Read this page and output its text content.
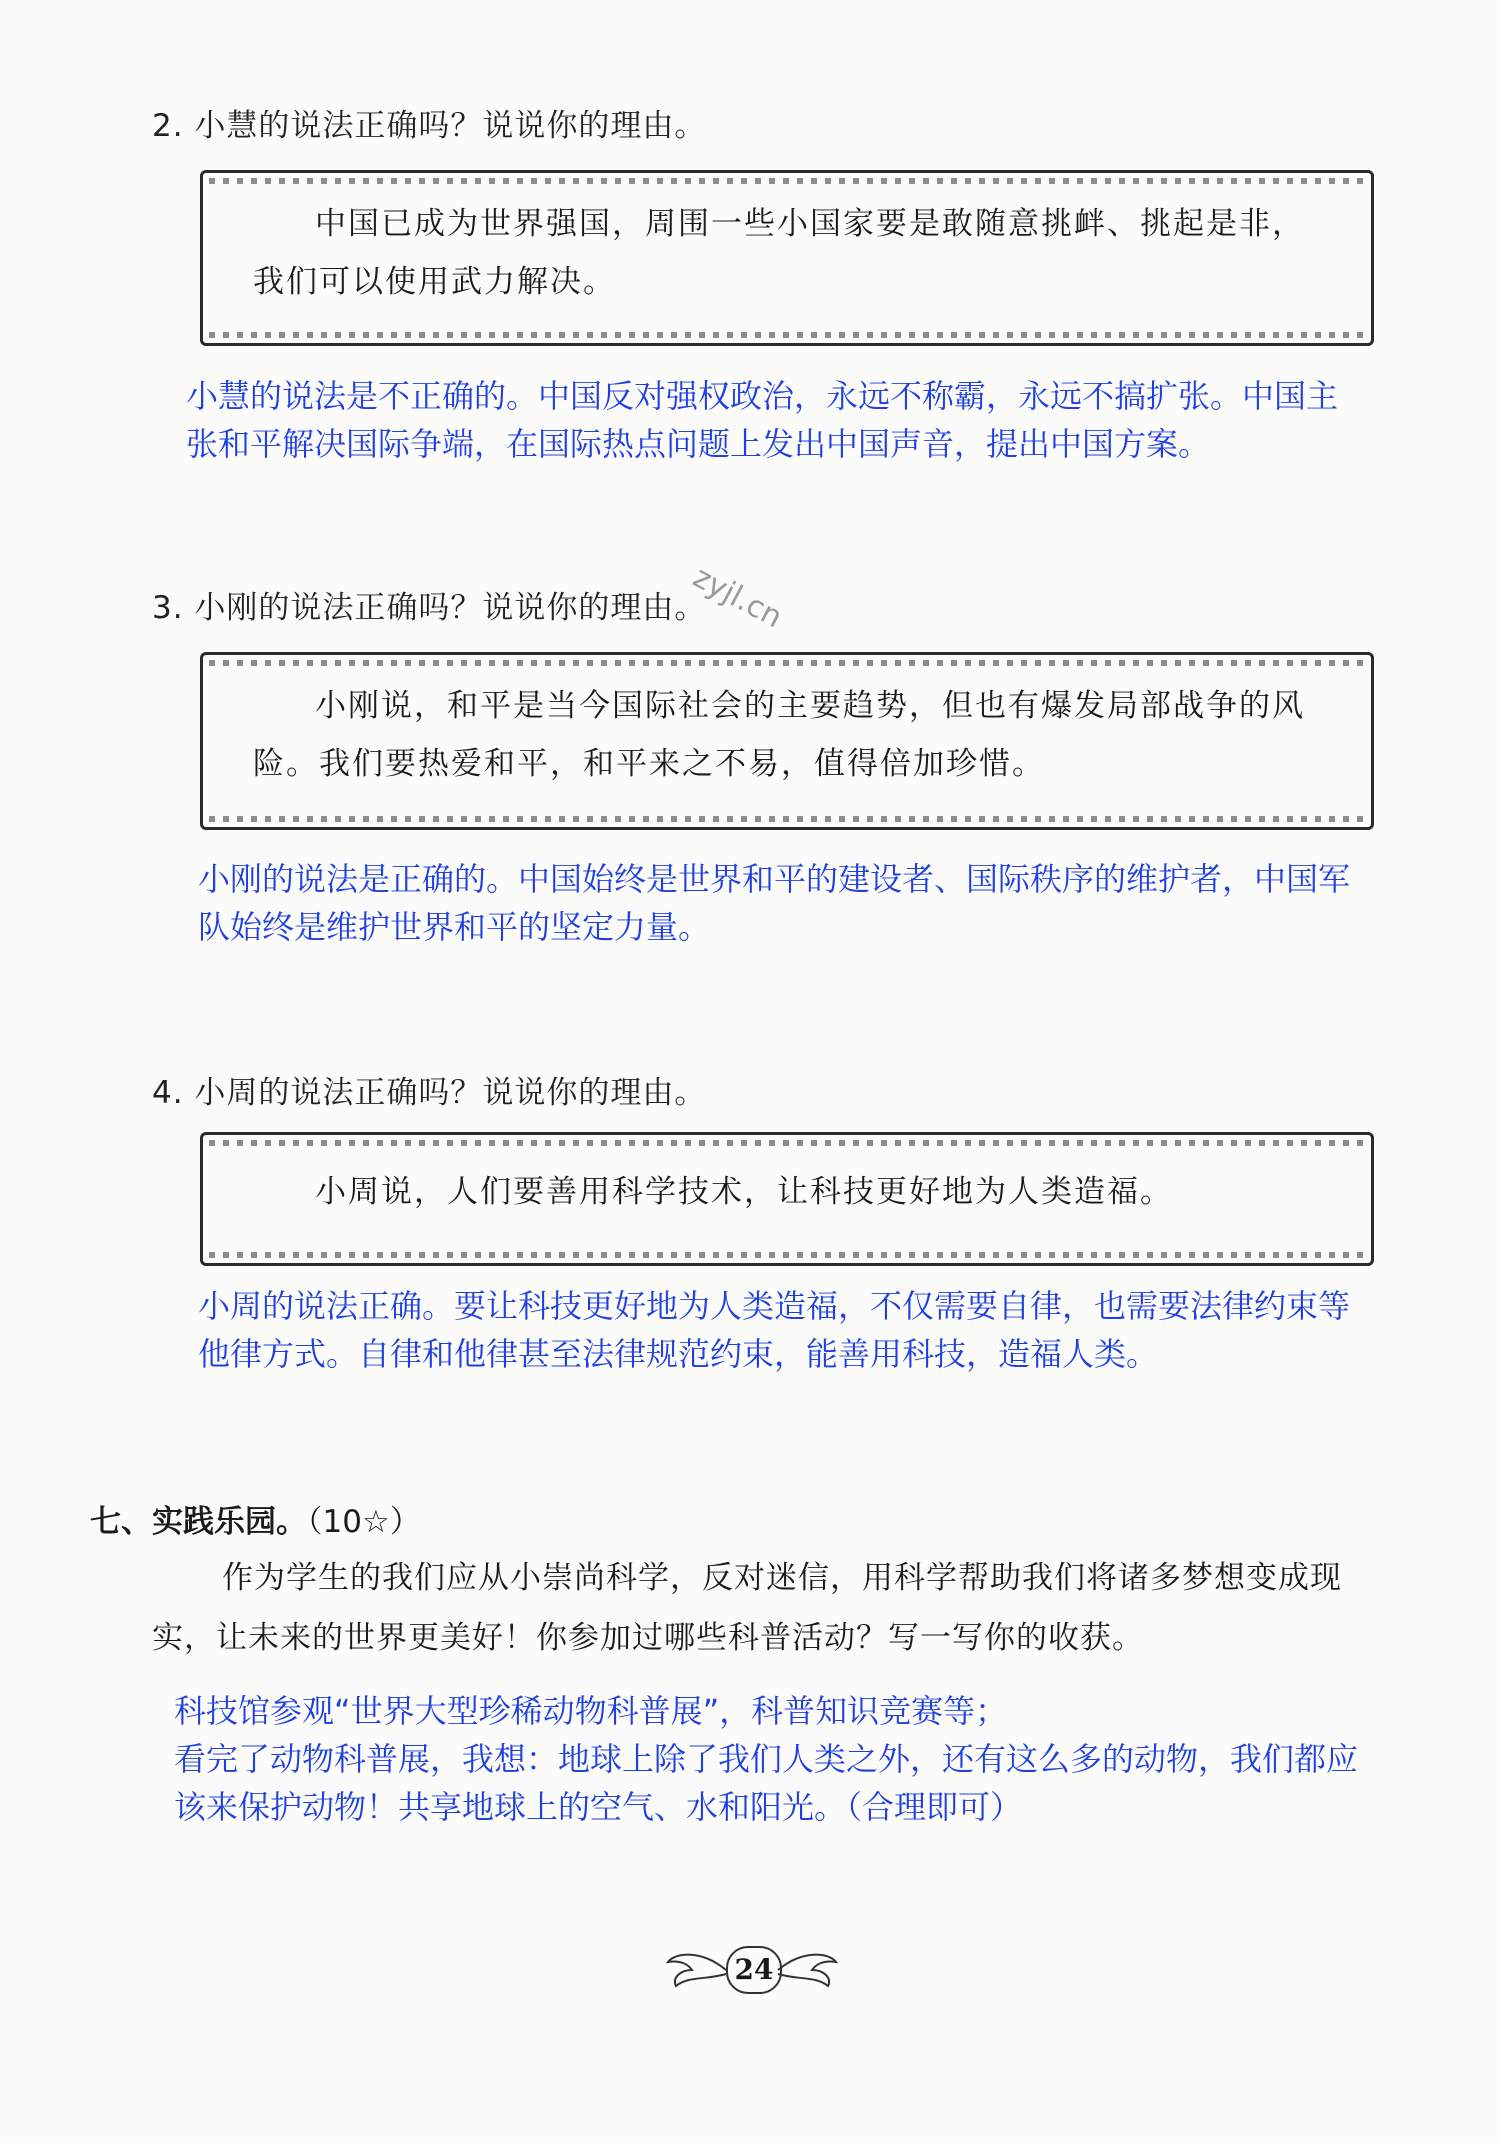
2. 小慧的说法正确吗？说说你的理由。
中国已成为世界强国，周围一些小国家要是敢随意挑衅、挑起是非，我们可以使用武力解决。
小慧的说法是不正确的。中国反对强权政治，永远不称霸，永远不搞扩张。中国主张和平解决国际争端，在国际热点问题上发出中国声音，提出中国方案。
zyjl.cn
3. 小刚的说法正确吗？说说你的理由。
小刚说，和平是当今国际社会的主要趋势，但也有爆发局部战争的风险。我们要热爱和平，和平来之不易，值得倍加珍惜。
小刚的说法是正确的。中国始终是世界和平的建设者、国际秩序的维护者，中国军队始终是维护世界和平的坚定力量。
4. 小周的说法正确吗？说说你的理由。
小周说，人们要善用科学技术，让科技更好地为人类造福。
小周的说法正确。要让科技更好地为人类造福，不仅需要自律，也需要法律约束等他律方式。自律和他律甚至法律规范约束，能善用科技，造福人类。
七、实践乐园。（10☆）
作为学生的我们应从小崇尚科学，反对迷信，用科学帮助我们将诸多梦想变成现实，让未来的世界更美好！你参加过哪些科普活动？写一写你的收获。
科技馆参观“世界大型珍稀动物科普展”，科普知识竞赛等；
看完了动物科普展，我想：地球上除了我们人类之外，还有这么多的动物，我们都应该来保护动物！共享地球上的空气、水和阳光。（合理即可）
24
